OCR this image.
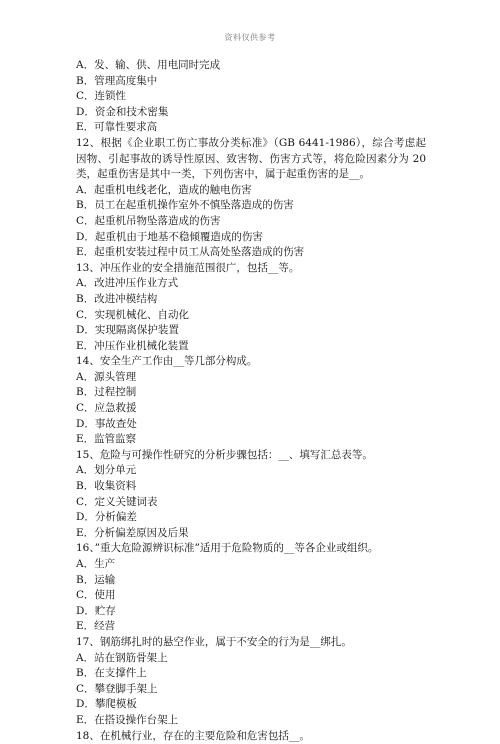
资料仅供参考
A．发、输、供、用电同时完成
B．管理高度集中
C．连锁性
D．资金和技术密集
E．可靠性要求高
12、根据《企业职工伤亡事故分类标准》（GB 6441-1986），综合考虑起因物、引起事故的诱导性原因、致害物、伤害方式等，将危险因素分为 20 类，起重伤害是其中一类，下列伤害中，属于起重伤害的是__。
A．起重机电线老化，造成的触电伤害
B．员工在起重机操作室外不慎坠落造成的伤害
C．起重机吊物坠落造成的伤害
D．起重机由于地基不稳倾覆造成的伤害
E．起重机安装过程中员工从高处坠落造成的伤害
13、冲压作业的安全措施范围很广，包括__等。
A．改进冲压作业方式
B．改进冲模结构
C．实现机械化、自动化
D．实现隔离保护装置
E．冲压作业机械化装置
14、安全生产工作由__等几部分构成。
A．源头管理
B．过程控制
C．应急救援
D．事故查处
E．监管监察
15、危险与可操作性研究的分析步骤包括：__、填写汇总表等。
A．划分单元
B．收集资料
C．定义关键词表
D．分析偏差
E．分析偏差原因及后果
16、”重大危险源辨识标准”适用于危险物质的__等各企业或组织。
A．生产
B．运输
C．使用
D．贮存
E．经营
17、钢筋绑扎时的悬空作业，属于不安全的行为是__绑扎。
A．站在钢筋骨架上
B．在支撑件上
C．攀登脚手架上
D．攀爬模板
E．在搭设操作台架上
18、在机械行业，存在的主要危险和危害包括__。
